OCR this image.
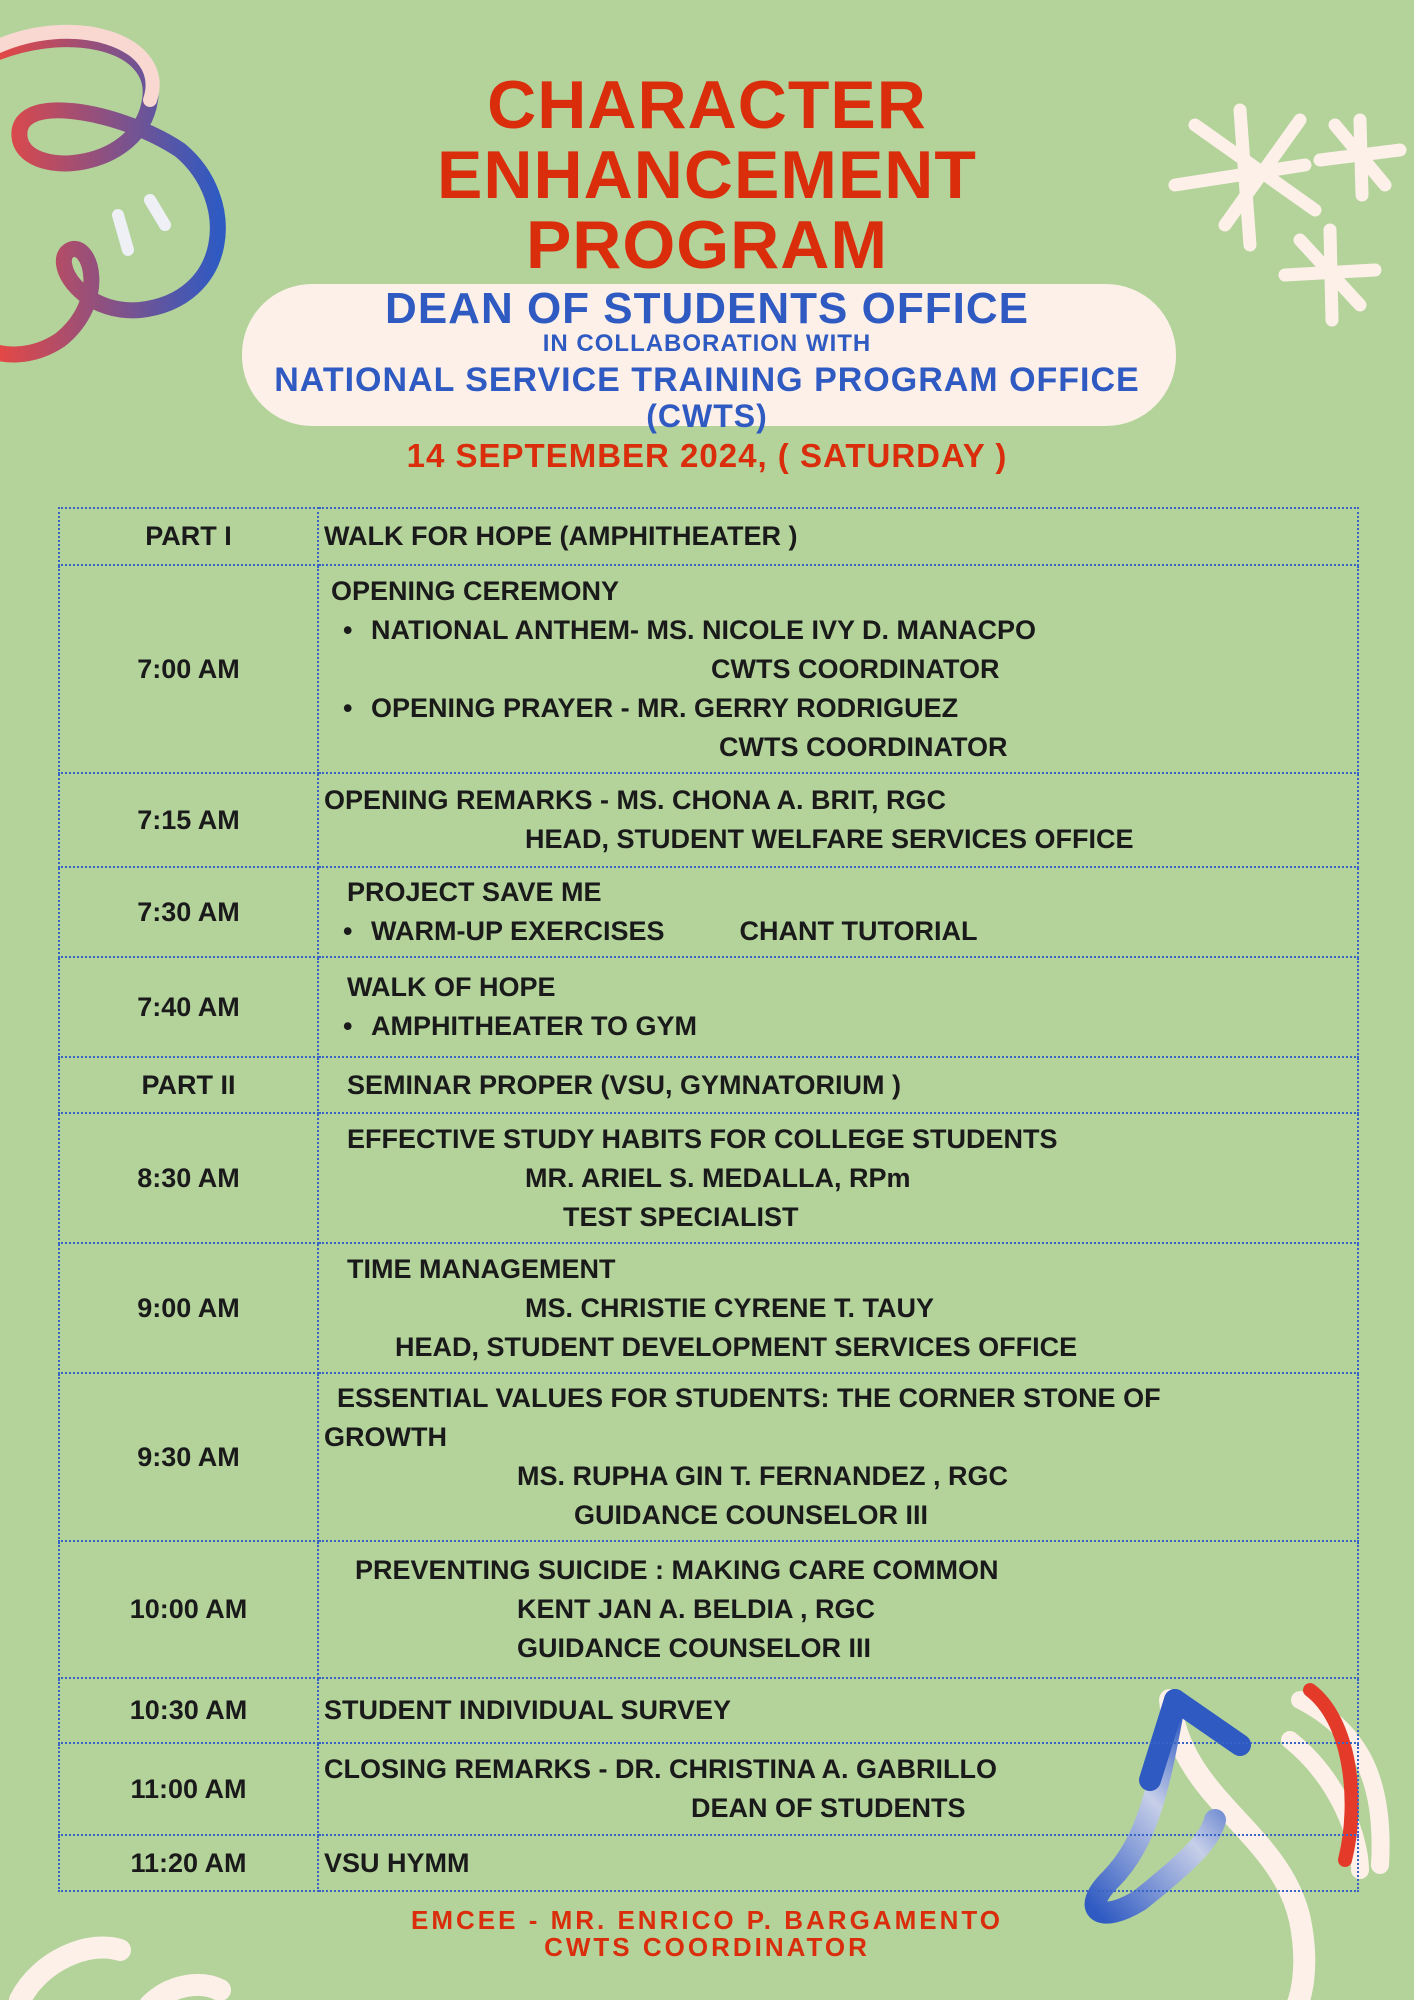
CHARACTER
ENHANCEMENT
PROGRAM
DEAN OF STUDENTS OFFICE
IN COLLABORATION WITH
NATIONAL SERVICE TRAINING PROGRAM OFFICE
(CWTS)
14 SEPTEMBER 2024, ( SATURDAY )
PART I	WALK FOR HOPE (AMPHITHEATER )

7:00 AM	OPENING CEREMONY
• NATIONAL ANTHEM- MS. NICOLE IVY D. MANACPO
CWTS COORDINATOR
• OPENING PRAYER - MR. GERRY RODRIGUEZ
CWTS COORDINATOR

7:15 AM	OPENING REMARKS - MS. CHONA A. BRIT, RGC
HEAD, STUDENT WELFARE SERVICES OFFICE

7:30 AM	PROJECT SAVE ME
• WARM-UP EXERCISES          CHANT TUTORIAL

7:40 AM	WALK OF HOPE
• AMPHITHEATER TO GYM

PART II	SEMINAR PROPER (VSU, GYMNATORIUM )

8:30 AM	EFFECTIVE STUDY HABITS FOR COLLEGE STUDENTS
MR. ARIEL S. MEDALLA, RPm
TEST SPECIALIST

9:00 AM	TIME MANAGEMENT
MS. CHRISTIE CYRENE T. TAUY
HEAD, STUDENT DEVELOPMENT SERVICES OFFICE

9:30 AM	ESSENTIAL VALUES FOR STUDENTS: THE CORNER STONE OF
GROWTH
MS. RUPHA GIN T. FERNANDEZ , RGC
GUIDANCE COUNSELOR III

10:00 AM	PREVENTING SUICIDE : MAKING CARE COMMON
KENT JAN A. BELDIA , RGC
GUIDANCE COUNSELOR III

10:30 AM	STUDENT INDIVIDUAL SURVEY

11:00 AM	CLOSING REMARKS - DR. CHRISTINA A. GABRILLO
DEAN OF STUDENTS

11:20 AM	VSU HYMM
EMCEE - MR. ENRICO P. BARGAMENTO
CWTS COORDINATOR
